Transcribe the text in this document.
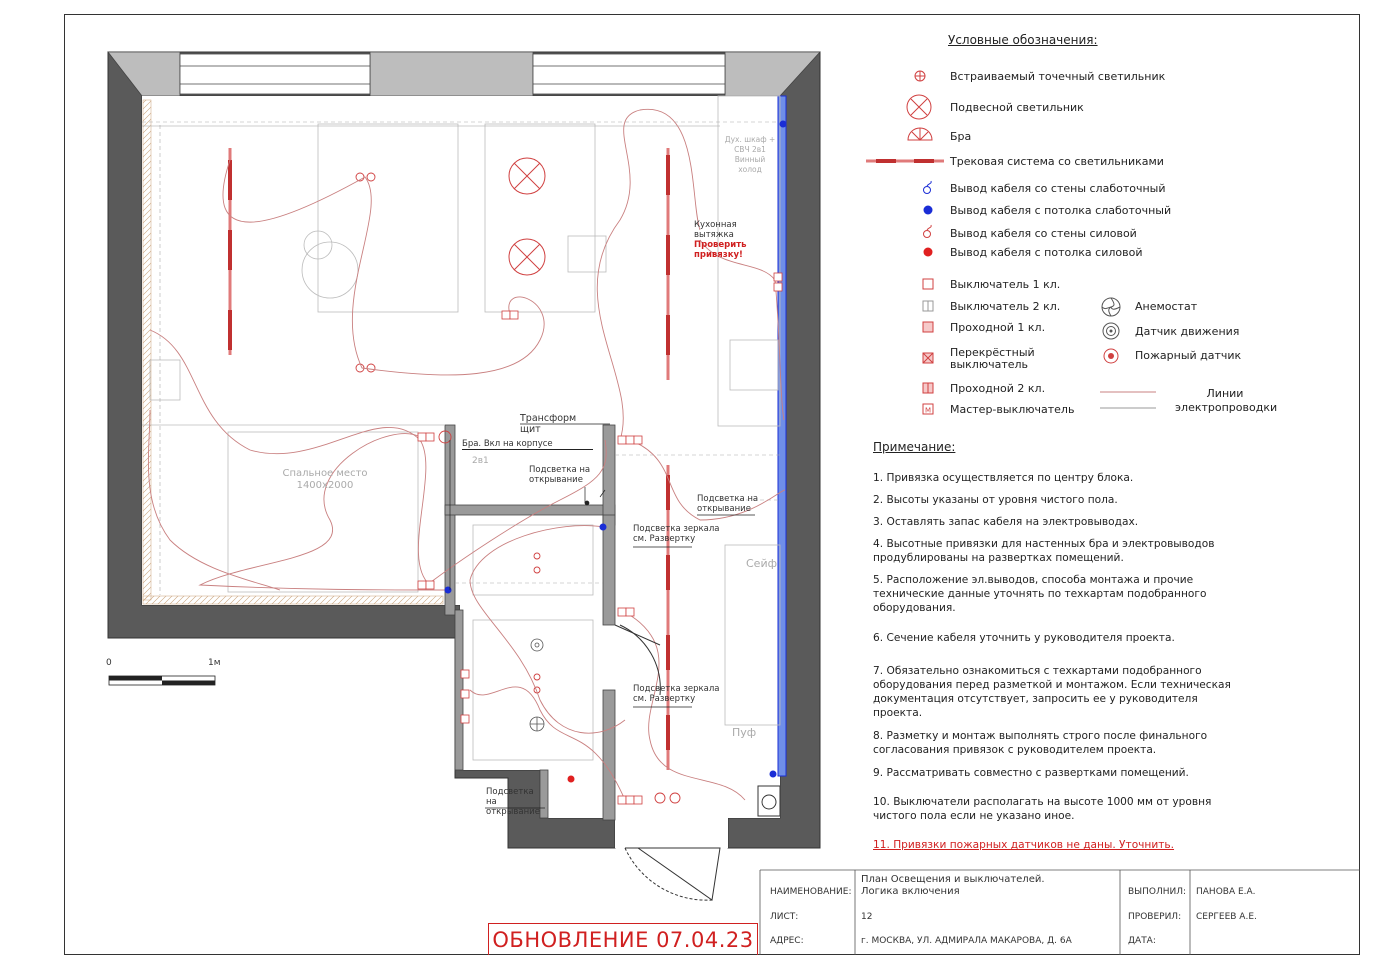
Дух. шкаф + СВЧ 2в1 Винный холод
Кухонная
вытяжка
Проверить
привязку!
Трансформ
щит
Бра. Вкл на корпусе
Подсветка на открывание
Подсветка на открывание
Подсветка на открывание
Подсветка зеркала см. Развертку
Подсветка зеркала см. Развертку
Спальное место 1400х2000
Сейф
Пуф
2в1
0	1м
Условные обозначения:
Встраиваемый точечный светильник
Подвесной светильник
Бра
Трековая система со светильниками
Вывод кабеля со стены слаботочный
Вывод кабеля с потолка слаботочный
Вывод кабеля со стены силовой
Вывод кабеля с потолка силовой
Выключатель 1 кл.
Выключатель 2 кл.
Проходной 1 кл.
Перекрёстный выключатель
Проходной 2 кл.
M Мастер-выключатель
Анемостат
Датчик движения
Пожарный датчик
Линии электропроводки
Примечание:
1. Привязка осуществляется по центру блока.
2. Высоты указаны от уровня чистого пола.
3. Оставлять запас кабеля на электровыводах.
4. Высотные привязки для настенных бра и электровыводов продублированы на развертках помещений.
5. Расположение эл.выводов, способа монтажа и прочие технические данные уточнять по техкартам подобранного оборудования.
6. Сечение кабеля уточнить у руководителя проекта.
7. Обязательно ознакомиться с техкартами подобранного оборудования перед разметкой и монтажом. Если техническая документация отсутствует, запросить ее у руководителя проекта.
8. Разметку и монтаж выполнять строго после финального согласования привязок с руководителем проекта.
9. Рассматривать совместно с развертками помещений.
10. Выключатели располагать на высоте 1000 мм от уровня чистого пола если не указано иное.
11. Привязки пожарных датчиков не даны. Уточнить.
ОБНОВЛЕНИЕ 07.04.23
НАИМЕНОВАНИЕ:
План Освещения и выключателей.
Логика включения
ЛИСТ:	12
АДРЕС:	г. МОСКВА, УЛ. АДМИРАЛА МАКАРОВА, Д. 6А
ВЫПОЛНИЛ: ПАНОВА Е.А.
ПРОВЕРИЛ: СЕРГЕЕВ А.Е.
ДАТА:
